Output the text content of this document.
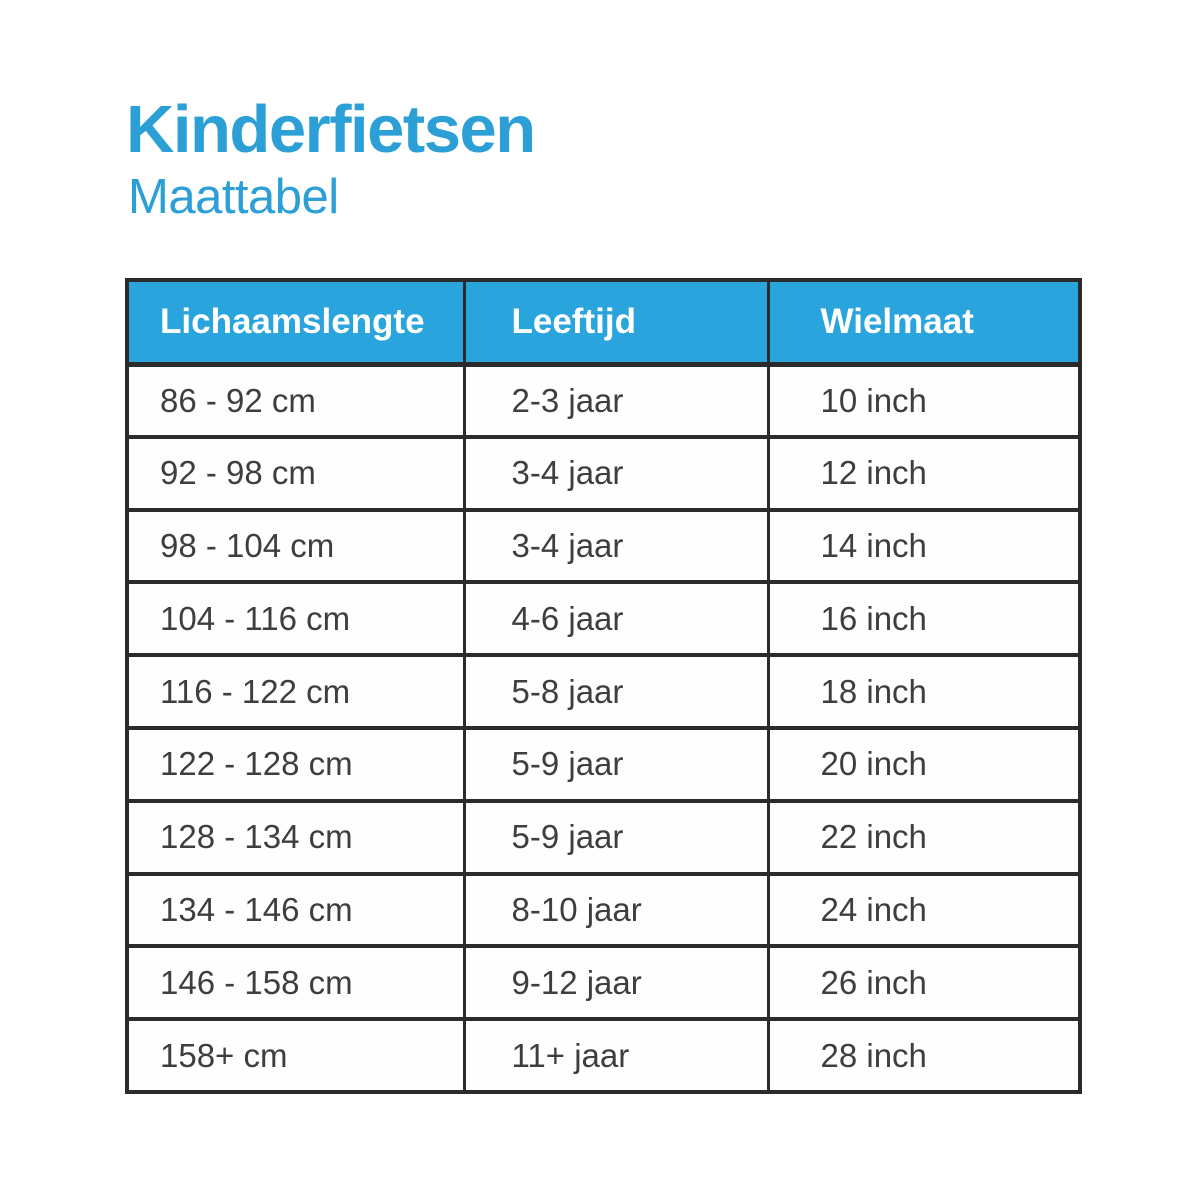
Kinderfietsen
Maattabel
Lichaamslengte	Leeftijd	Wielmaat
86 - 92 cm	2-3 jaar	10 inch
92 - 98 cm	3-4 jaar	12 inch
98 - 104 cm	3-4 jaar	14 inch
104 - 116 cm	4-6 jaar	16 inch
116 - 122 cm	5-8 jaar	18 inch
122 - 128 cm	5-9 jaar	20 inch
128 - 134 cm	5-9 jaar	22 inch
134 - 146 cm	8-10 jaar	24 inch
146 - 158 cm	9-12 jaar	26 inch
158+ cm	11+ jaar	28 inch
